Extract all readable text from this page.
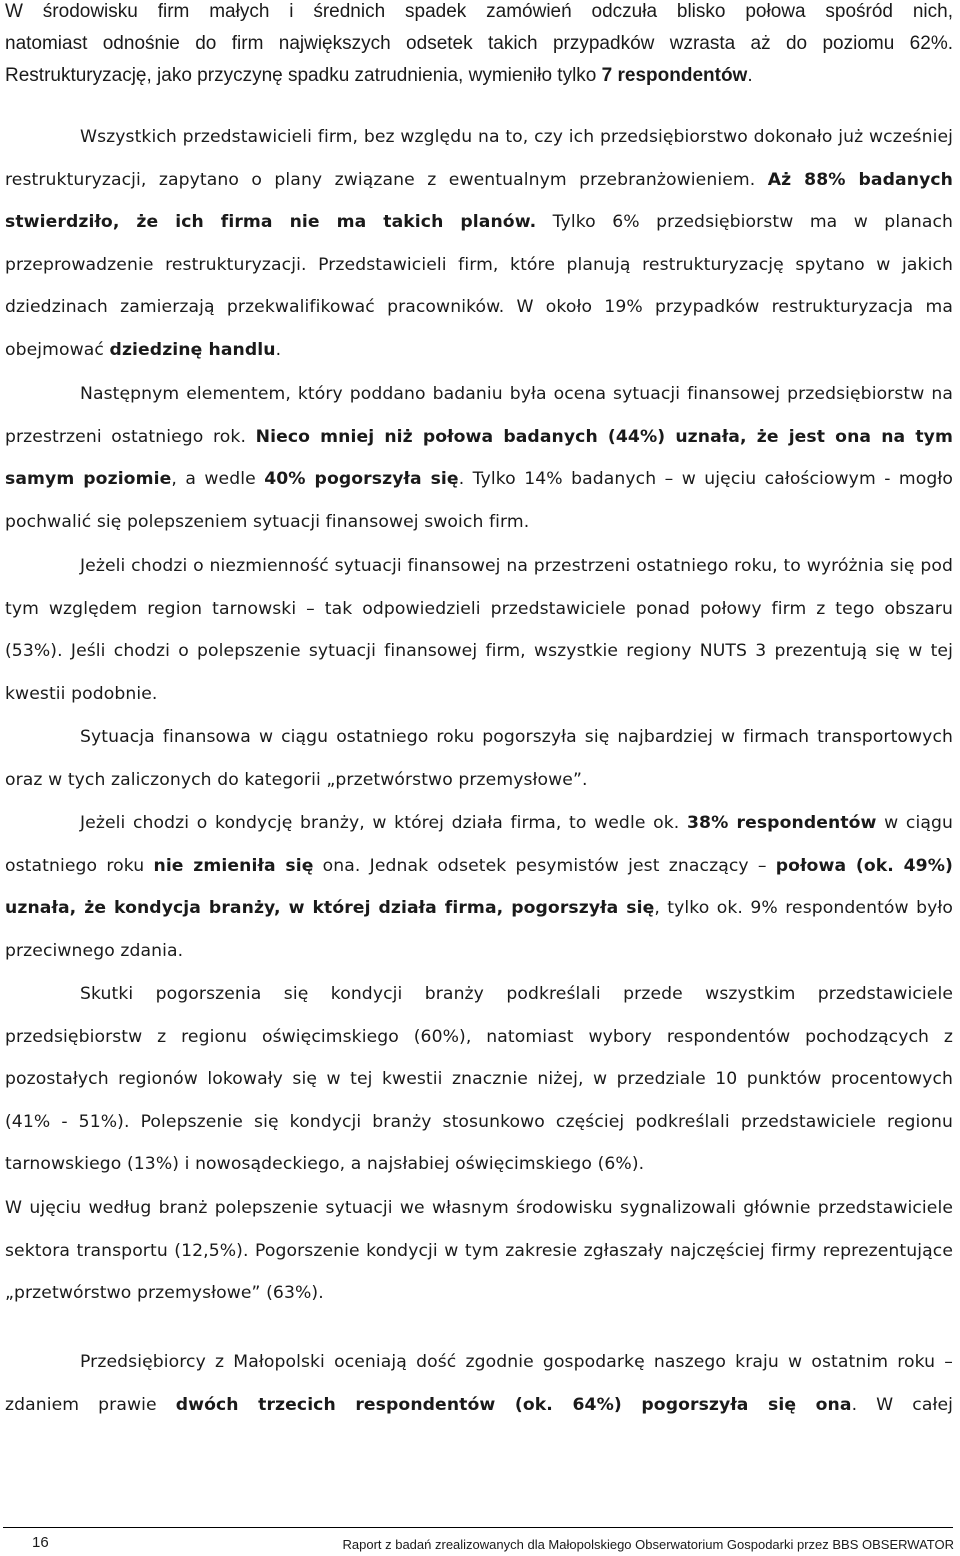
W środowisku firm małych i średnich spadek zamówień odczuła blisko połowa spośród nich,
natomiast odnośnie do firm największych odsetek takich przypadków wzrasta aż do poziomu 62%.
Restrukturyzację, jako przyczynę spadku zatrudnienia, wymieniło tylko 7 respondentów.

Wszystkich przedstawicieli firm, bez względu na to, czy ich przedsiębiorstwo dokonało już wcześniej restrukturyzacji, zapytano o plany związane z ewentualnym przebranżowieniem. Aż 88% badanych stwierdziło, że ich firma nie ma takich planów. Tylko 6% przedsiębiorstw ma w planach przeprowadzenie restrukturyzacji. Przedstawicieli firm, które planują restrukturyzację spytano w jakich dziedzinach zamierzają przekwalifikować pracowników. W około 19% przypadków restrukturyzacja ma obejmować dziedzinę handlu.

Następnym elementem, który poddano badaniu była ocena sytuacji finansowej przedsiębiorstw na przestrzeni ostatniego rok. Nieco mniej niż połowa badanych (44%) uznała, że jest ona na tym samym poziomie, a wedle 40% pogorszyła się. Tylko 14% badanych – w ujęciu całościowym - mogło pochwalić się polepszeniem sytuacji finansowej swoich firm.

Jeżeli chodzi o niezmienność sytuacji finansowej na przestrzeni ostatniego roku, to wyróżnia się pod tym względem region tarnowski – tak odpowiedzieli przedstawiciele ponad połowy firm z tego obszaru (53%). Jeśli chodzi o polepszenie sytuacji finansowej firm, wszystkie regiony NUTS 3 prezentują się w tej kwestii podobnie.

Sytuacja finansowa w ciągu ostatniego roku pogorszyła się najbardziej w firmach transportowych oraz w tych zaliczonych do kategorii „przetwórstwo przemysłowe”.

Jeżeli chodzi o kondycję branży, w której działa firma, to wedle ok. 38% respondentów w ciągu ostatniego roku nie zmieniła się ona. Jednak odsetek pesymistów jest znaczący – połowa (ok. 49%) uznała, że kondycja branży, w której działa firma, pogorszyła się, tylko ok. 9% respondentów było przeciwnego zdania.

Skutki pogorszenia się kondycji branży podkreślali przede wszystkim przedstawiciele przedsiębiorstw z regionu oświęcimskiego (60%), natomiast wybory respondentów pochodzących z pozostałych regionów lokowały się w tej kwestii znacznie niżej, w przedziale 10 punktów procentowych (41% - 51%). Polepszenie się kondycji branży stosunkowo częściej podkreślali przedstawiciele regionu tarnowskiego (13%) i nowosądeckiego, a najsłabiej oświęcimskiego (6%).

W ujęciu według branż polepszenie sytuacji we własnym środowisku sygnalizowali głównie przedstawiciele sektora transportu (12,5%). Pogorszenie kondycji w tym zakresie zgłaszały najczęściej firmy reprezentujące „przetwórstwo przemysłowe” (63%).

Przedsiębiorcy z Małopolski oceniają dość zgodnie gospodarkę naszego kraju w ostatnim roku – zdaniem prawie dwóch trzecich respondentów (ok. 64%) pogorszyła się ona. W całej

16	Raport z badań zrealizowanych dla Małopolskiego Obserwatorium Gospodarki przez BBS OBSERWATOR
